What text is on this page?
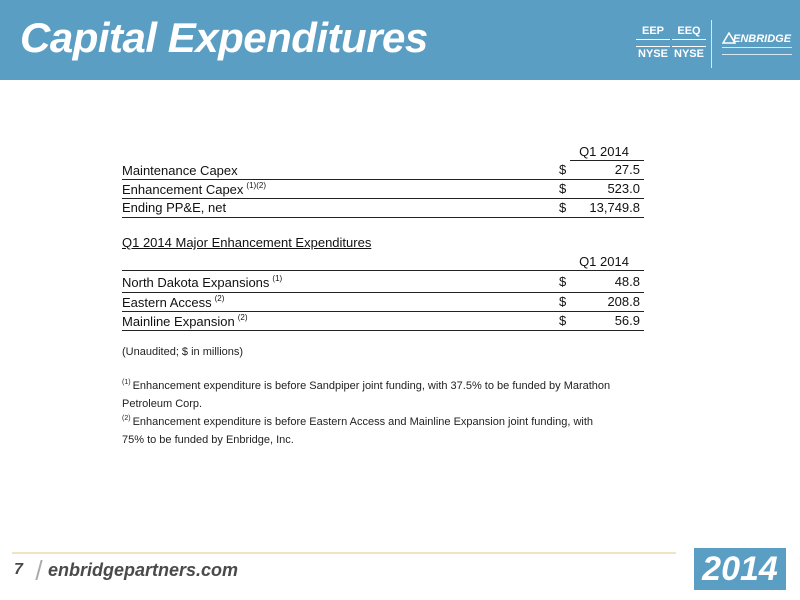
Capital Expenditures	EEP
NYSE
EEQ
NYSE
ENBRIDGE
Q1 2014
Maintenance Capex	$	27.5
Enhancement Capex $^{(1)(2)}$	$	523.0
Ending PP&E, net	$ 13,749.8
Q1 2014 Major Enhancement Expenditures
Q1 2014
North Dakota Expansions $^{(1)}$	$	48.8
Eastern Access $^{(2)}$	$	208.8
Mainline Expansion $^{(2)}$	$	56.9
(Unaudited; $ in millions)
$^{(1)}$ Enhancement expenditure is before Sandpiper joint funding, with 37.5% to be funded by Marathon
Petroleum Corp.
$^{(2)}$ Enhancement expenditure is before Eastern Access and Mainline Expansion joint funding, with
75% to be funded by Enbridge, Inc.
7 enbridgepartners.com	2014
